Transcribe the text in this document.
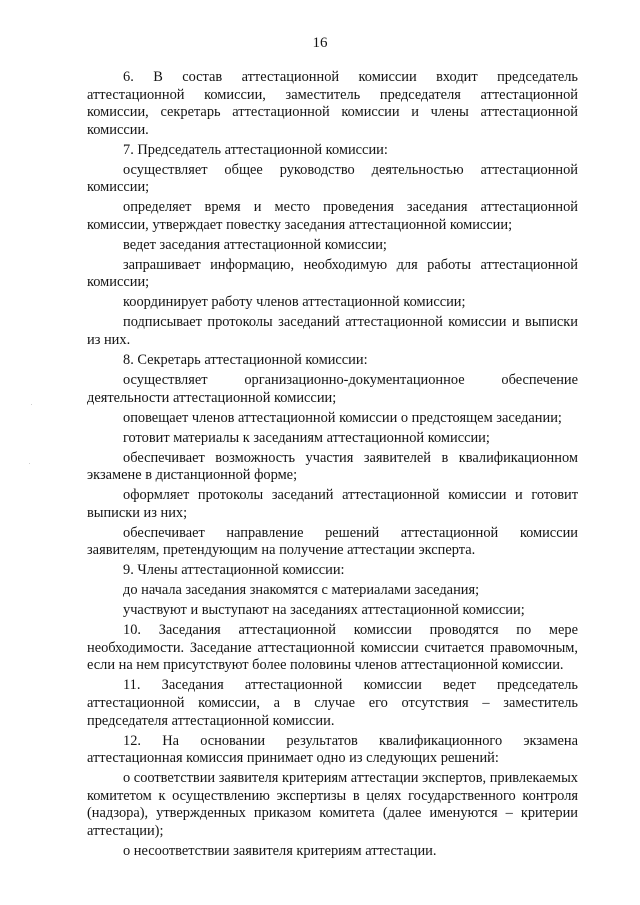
16

6. В состав аттестационной комиссии входит председатель аттестационной комиссии, заместитель председателя аттестационной комиссии, секретарь аттестационной комиссии и члены аттестационной комиссии.

7. Председатель аттестационной комиссии:

осуществляет общее руководство деятельностью аттестационной комиссии;

определяет время и место проведения заседания аттестационной комиссии, утверждает повестку заседания аттестационной комиссии;

ведет заседания аттестационной комиссии;

запрашивает информацию, необходимую для работы аттестационной комиссии;

координирует работу членов аттестационной комиссии;

подписывает протоколы заседаний аттестационной комиссии и выписки из них.

8. Секретарь аттестационной комиссии:

осуществляет организационно-документационное обеспечение деятельности аттестационной комиссии;

оповещает членов аттестационной комиссии о предстоящем заседании;

готовит материалы к заседаниям аттестационной комиссии;

обеспечивает возможность участия заявителей в квалификационном экзамене в дистанционной форме;

оформляет протоколы заседаний аттестационной комиссии и готовит выписки из них;

обеспечивает направление решений аттестационной комиссии заявителям, претендующим на получение аттестации эксперта.

9. Члены аттестационной комиссии:

до начала заседания знакомятся с материалами заседания;

участвуют и выступают на заседаниях аттестационной комиссии;

10. Заседания аттестационной комиссии проводятся по мере необходимости. Заседание аттестационной комиссии считается правомочным, если на нем присутствуют более половины членов аттестационной комиссии.

11. Заседания аттестационной комиссии ведет председатель аттестационной комиссии, а в случае его отсутствия – заместитель председателя аттестационной комиссии.

12. На основании результатов квалификационного экзамена аттестационная комиссия принимает одно из следующих решений:

о соответствии заявителя критериям аттестации экспертов, привлекаемых комитетом к осуществлению экспертизы в целях государственного контроля (надзора), утвержденных приказом комитета (далее именуются – критерии аттестации);

о несоответствии заявителя критериям аттестации.
